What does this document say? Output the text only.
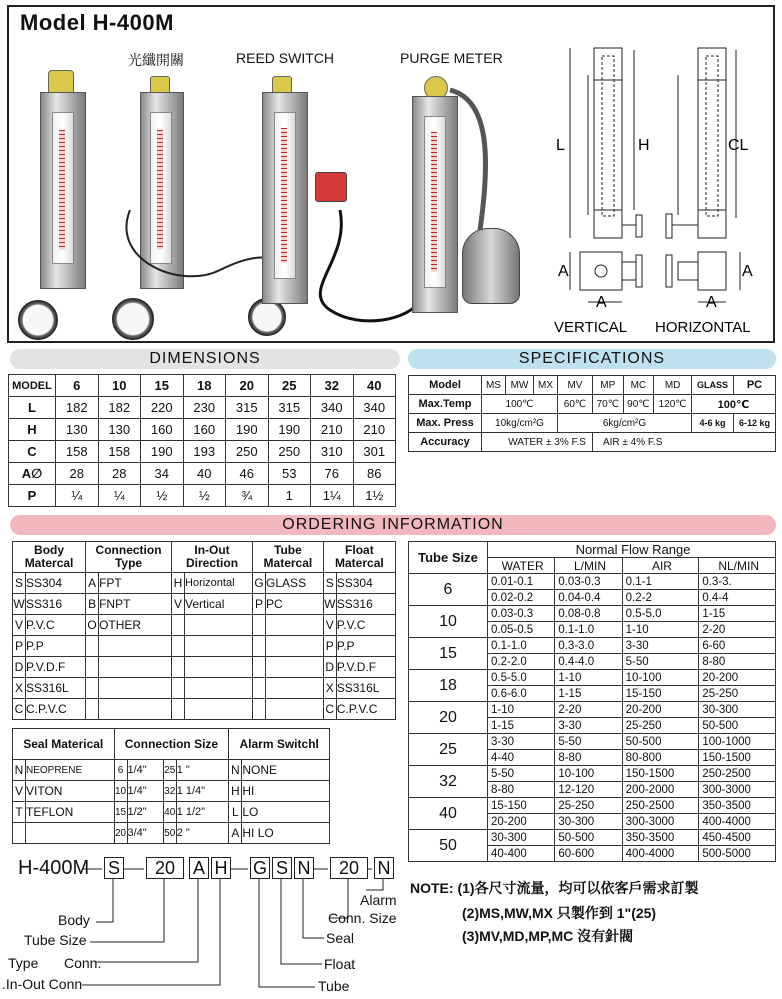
Model H-400M
光纖開關	REED SWITCH	PURGE METER
L	H	CL
A	A
A	A
VERTICAL HORIZONTAL
DIMENSIONS
MODEL	6	10	15	18	20	25	32	40
L	182	182	220	230	315	315	340	340
H	130	130	160	160	190	190	210	210
C	158	158	190	193	250	250	310	301
A∅	28	28	34	40	46	53	76	86
P	¼	¼	½	½	¾	1	1¼	1½
SPECIFICATIONS
Model	MS	MW	MX	MV	MP	MC	MD	GLASS	PC
Max.Temp	100℃			60℃	70℃	90℃	120℃	100℃	
Max. Press	10kg/cm²G			6kg/cm²G				4-6 kg	6-12 kg
Accuracy	WATER ± 3% F.S				AIR ± 4% F.S				
ORDERING INFORMATION
Body Matercal		Connection Type		In-Out Direction		Tube Matercal		Float Matercal	
S	SS304	A	FPT	H	Horizontal	G	GLASS	S	SS304
W	SS316	B	FNPT	V	Vertical	P	PC	W	SS316
V	P.V.C	O	OTHER					V	P.V.C
P	P.P							P	P.P
D	P.V.D.F							D	P.V.D.F
X	SS316L							X	SS316L
C	C.P.V.C							C	C.P.V.C
Seal Materical		Connection Size				Alarm Switchl	
N	NEOPRENE	6	1/4"	25	1 "	N	NONE
V	VITON	10	1/4"	32	1 1/4"	H	HI
T	TEFLON	15	1/2"	40	1 1/2"	L	LO
		20	3/4"	50	2 "	A	HI LO
Tube Size	Normal Flow Range			
	WATER	L/MIN	AIR	NL/MIN
6	0.01-0.1	0.03-0.3	0.1-1	0.3-3.
	0.02-0.2	0.04-0.4	0.2-2	0.4-4
10	0.03-0.3	0.08-0.8	0.5-5.0	1-15
	0.05-0.5	0.1-1.0	1-10	2-20
15	0.1-1.0	0.3-3.0	3-30	6-60
	0.2-2.0	0.4-4.0	5-50	8-80
18	0.5-5.0	1-10	10-100	20-200
	0.6-6.0	1-15	15-150	25-250
20	1-10	2-20	20-200	30-300
	1-15	3-30	25-250	50-500
25	3-30	5-50	50-500	100-1000
	4-40	8-80	80-800	150-1500
32	5-50	10-100	150-1500	250-2500
	8-80	12-120	200-2000	300-3000
40	15-150	25-250	250-2500	350-3500
	20-200	30-300	300-3000	400-4000
50	30-300	50-500	350-3500	450-4500
	40-400	60-600	400-4000	500-5000
H-400M S	20 A H G S N	20	N
Body
Tube Size
Type Conn.
.In-Out Conn	Tube
Float
Seal
Conn. Size
Alarm
NOTE: (1)各尺寸流量，均可以依客戶需求訂製
(2)MS,MW,MX 只製作到 1"(25)
(3)MV,MD,MP,MC 沒有針閥
